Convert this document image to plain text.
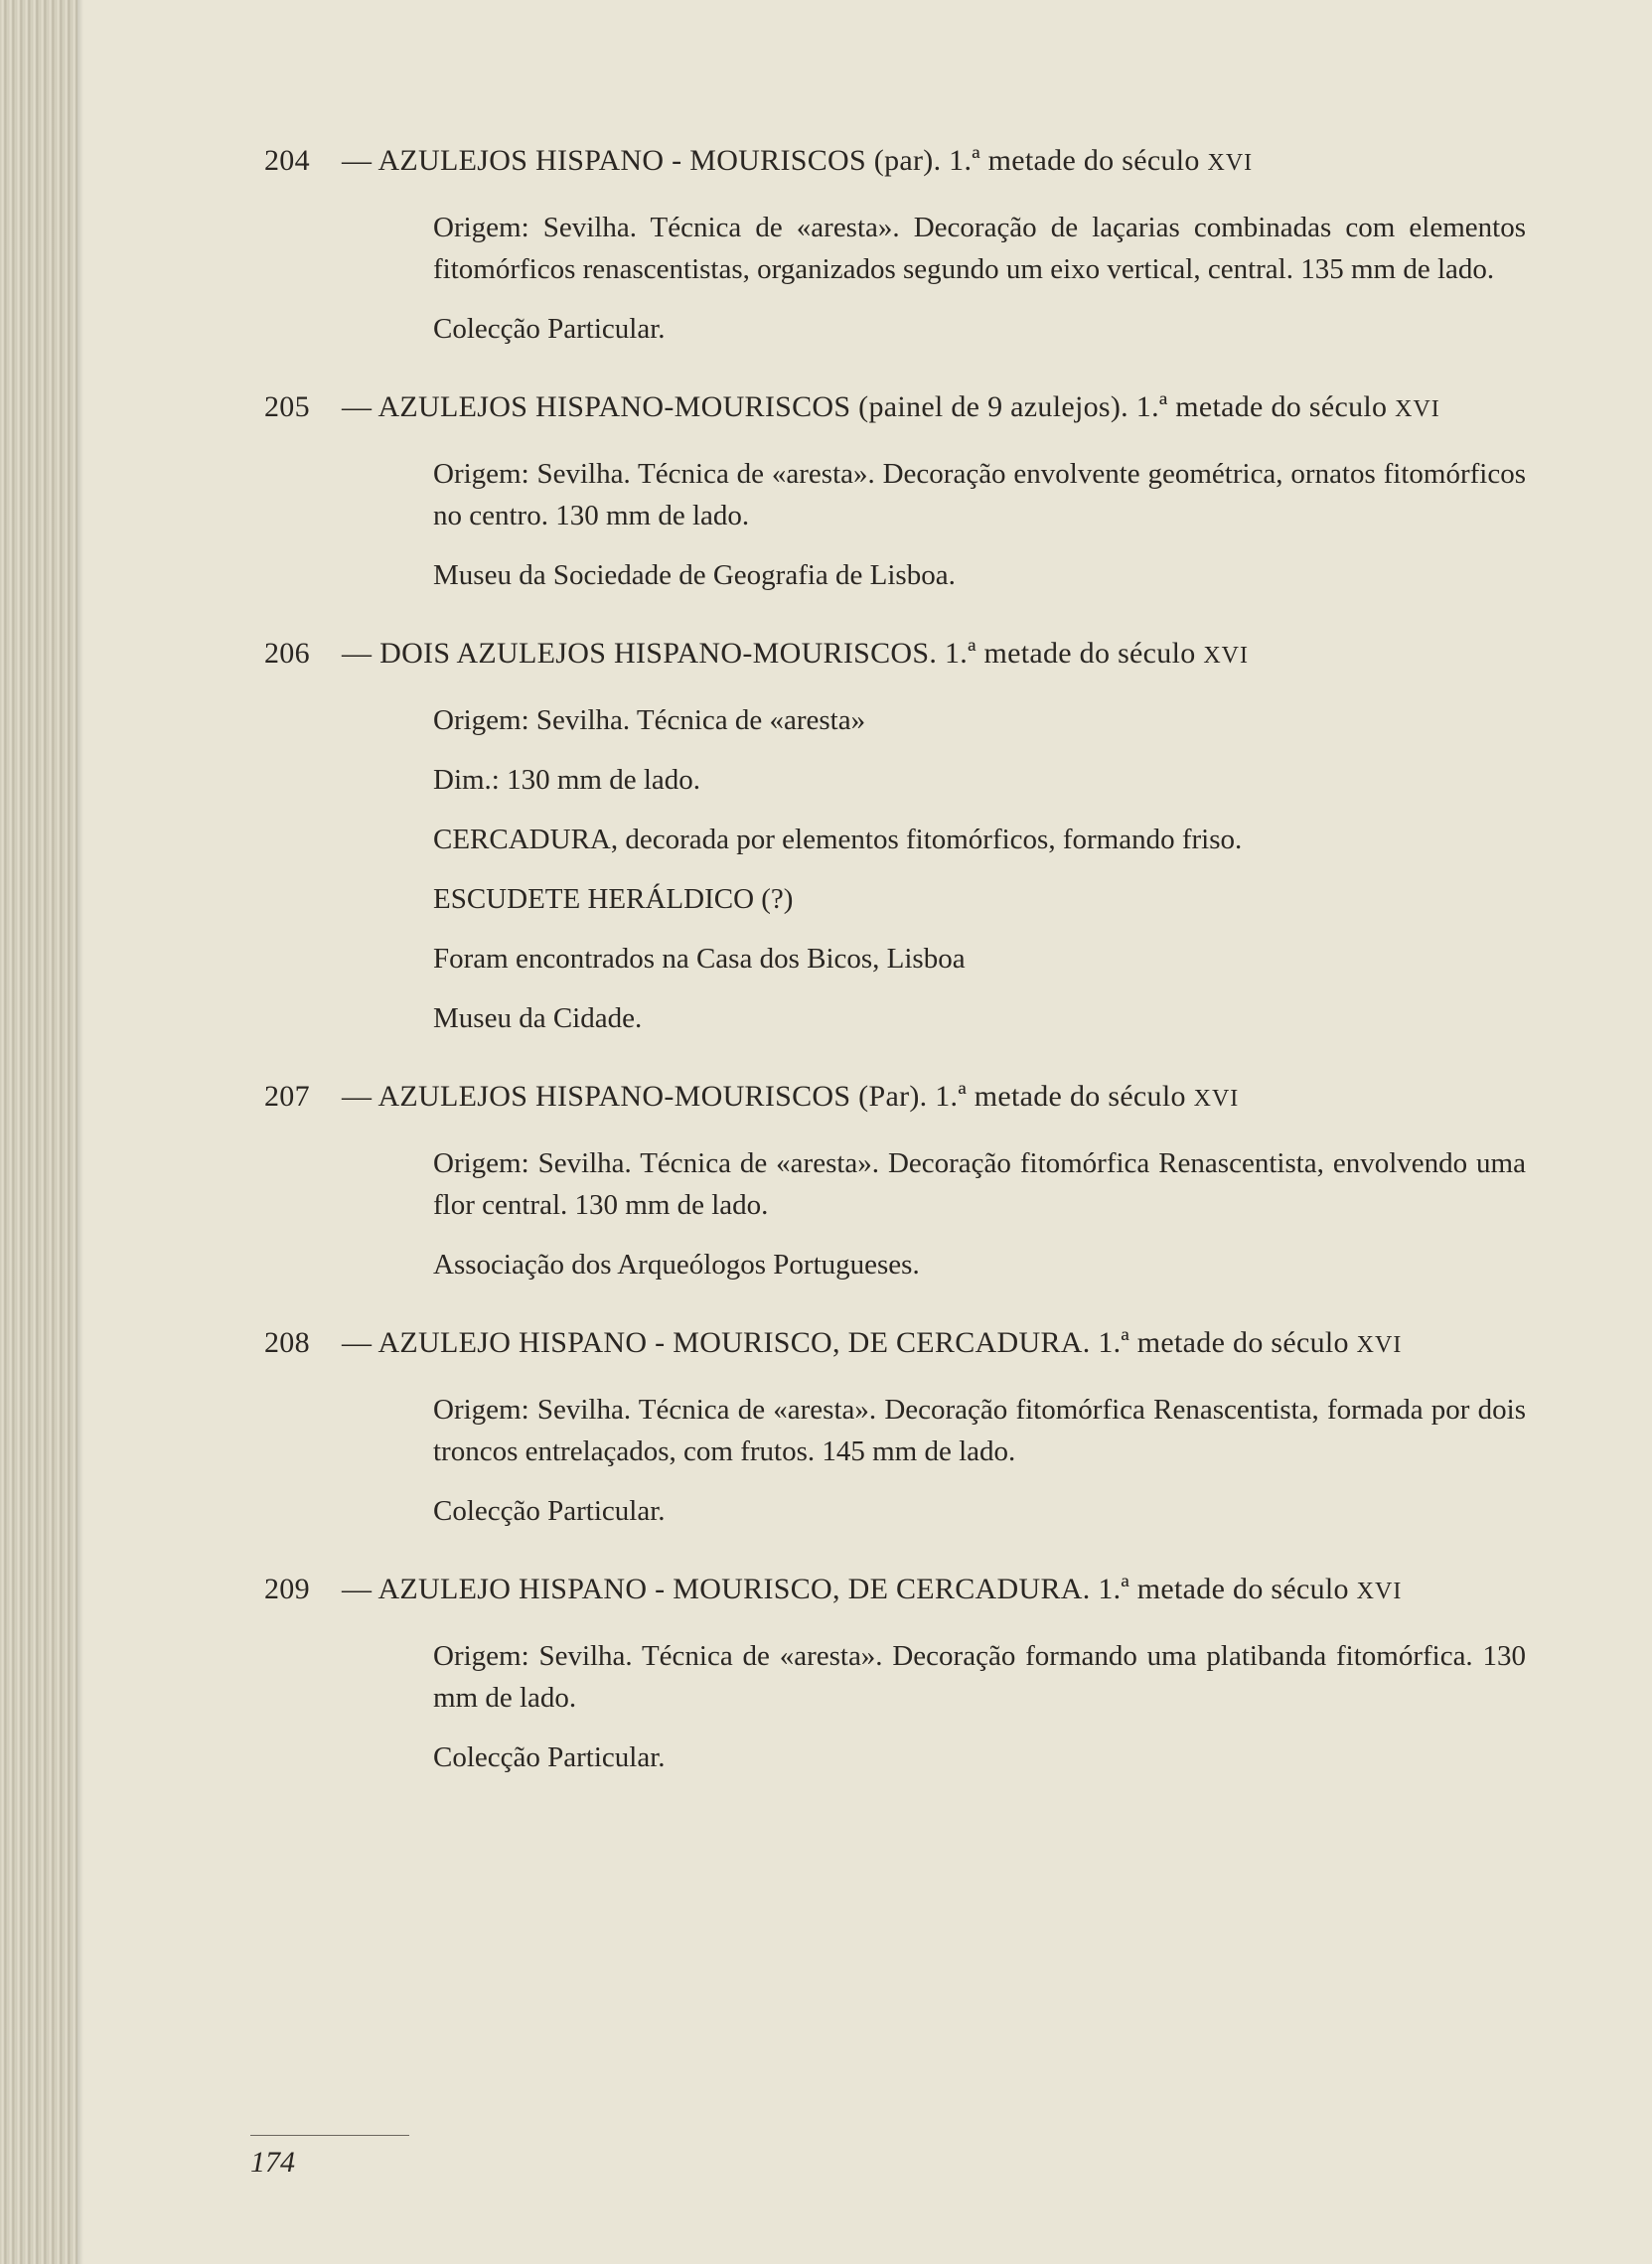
204	— AZULEJOS HISPANO - MOURISCOS (par). 1.ª metade do século XVI
Origem: Sevilha. Técnica de «aresta». Decoração de laçarias combinadas com elementos fitomórficos renascentistas, organizados segundo um eixo vertical, central. 135 mm de lado.
Colecção Particular.
205	— AZULEJOS HISPANO-MOURISCOS (painel de 9 azulejos). 1.ª metade do século XVI
Origem: Sevilha. Técnica de «aresta». Decoração envolvente geométrica, ornatos fitomórficos no centro. 130 mm de lado.
Museu da Sociedade de Geografia de Lisboa.
206	— DOIS AZULEJOS HISPANO-MOURISCOS. 1.ª metade do século XVI
Origem: Sevilha. Técnica de «aresta»
Dim.: 130 mm de lado.
CERCADURA, decorada por elementos fitomórficos, formando friso.
ESCUDETE HERÁLDICO (?)
Foram encontrados na Casa dos Bicos, Lisboa
Museu da Cidade.
207	— AZULEJOS HISPANO-MOURISCOS (Par). 1.ª metade do século XVI
Origem: Sevilha. Técnica de «aresta». Decoração fitomórfica Renascentista, envolvendo uma flor central. 130 mm de lado.
Associação dos Arqueólogos Portugueses.
208	— AZULEJO HISPANO - MOURISCO, DE CERCADURA. 1.ª metade do século XVI
Origem: Sevilha. Técnica de «aresta». Decoração fitomórfica Renascentista, formada por dois troncos entrelaçados, com frutos. 145 mm de lado.
Colecção Particular.
209	— AZULEJO HISPANO - MOURISCO, DE CERCADURA. 1.ª metade do século XVI
Origem: Sevilha. Técnica de «aresta». Decoração formando uma platibanda fitomórfica. 130 mm de lado.
Colecção Particular.
174
